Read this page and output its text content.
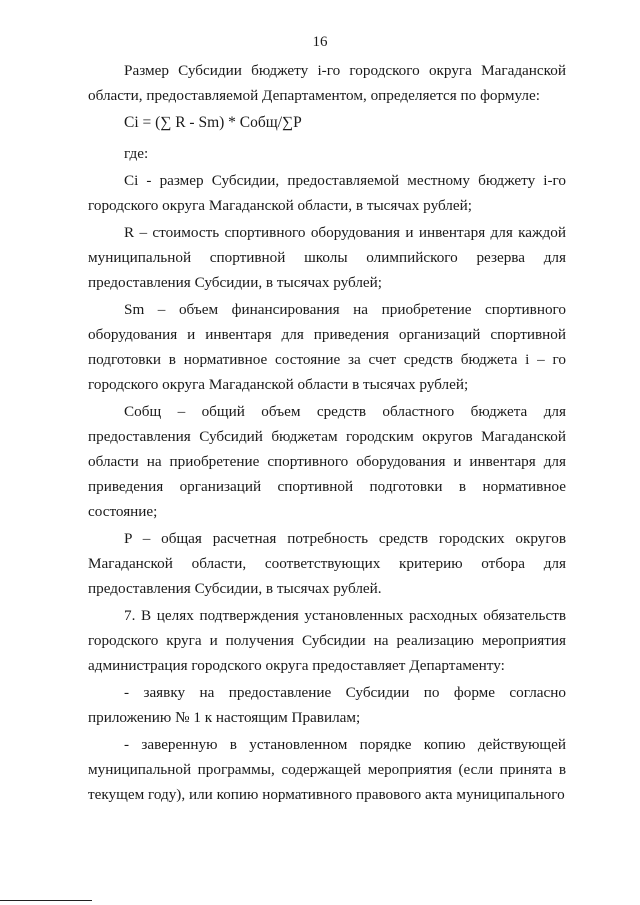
16

Размер Субсидии бюджету i-го городского округа Магаданской области, предоставляемой Департаментом, определяется по формуле:

Ci = (∑ R - Sm) * Собщ/∑P

где:

Ci - размер Субсидии, предоставляемой местному бюджету i-го городского округа Магаданской области, в тысячах рублей;

R – стоимость спортивного оборудования и инвентаря для каждой муниципальной спортивной школы олимпийского резерва для предоставления Субсидии, в тысячах рублей;

Sm – объем финансирования на приобретение спортивного оборудования и инвентаря для приведения организаций спортивной подготовки в нормативное состояние за счет средств бюджета i – го городского округа Магаданской области в тысячах рублей;

Собщ – общий объем средств областного бюджета для предоставления Субсидий бюджетам городским округов Магаданской области на приобретение спортивного оборудования и инвентаря для приведения организаций спортивной подготовки в нормативное состояние;

P – общая расчетная потребность средств городских округов Магаданской области, соответствующих критерию отбора для предоставления Субсидии, в тысячах рублей.

7. В целях подтверждения установленных расходных обязательств городского круга и получения Субсидии на реализацию мероприятия администрация городского округа предоставляет Департаменту:

- заявку на предоставление Субсидии по форме согласно приложению № 1 к настоящим Правилам;

- заверенную в установленном порядке копию действующей муниципальной программы, содержащей мероприятия (если принята в текущем году), или копию нормативного правового акта муниципального
